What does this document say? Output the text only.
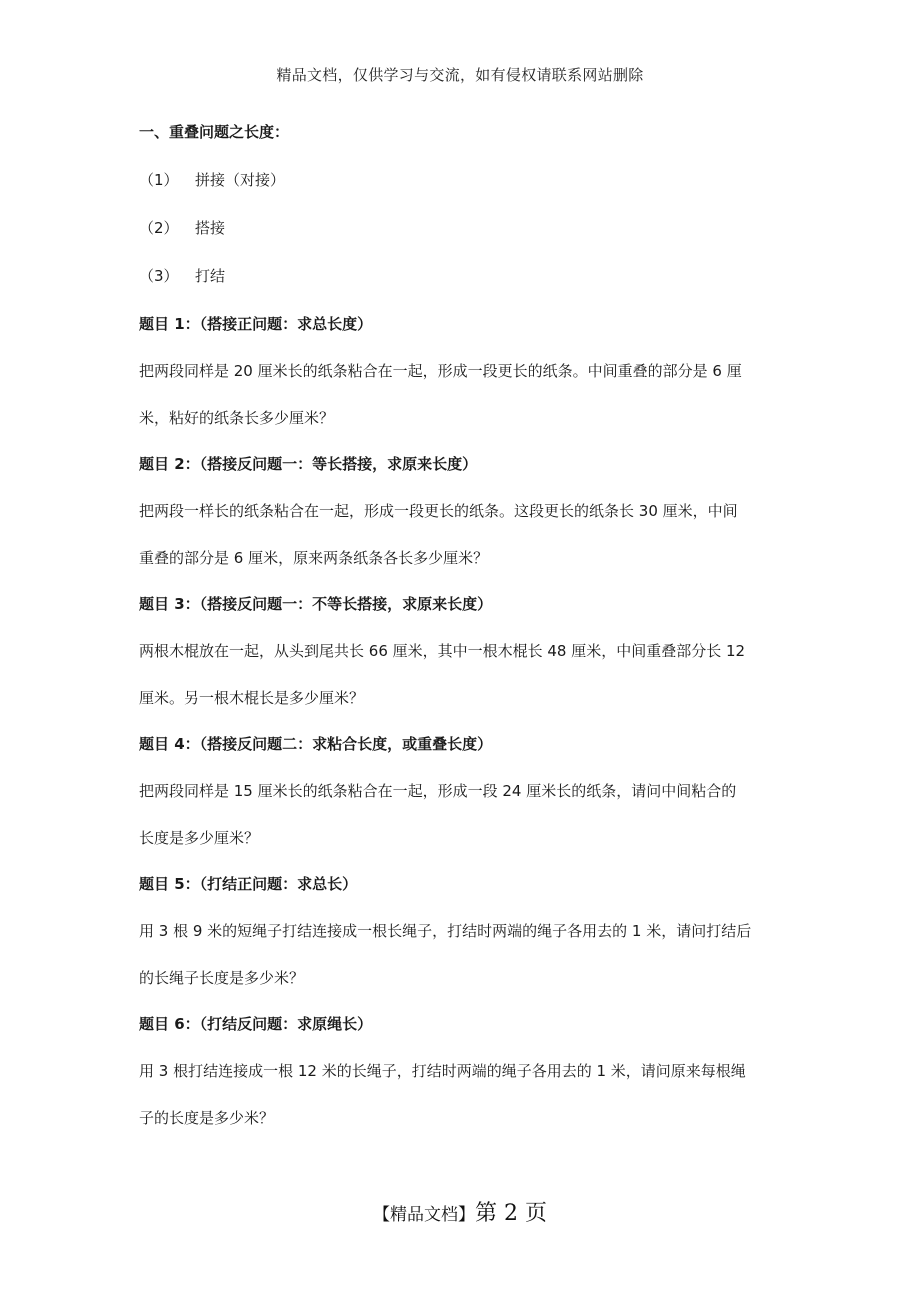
精品文档，仅供学习与交流，如有侵权请联系网站删除

一、重叠问题之长度：

（1） 拼接（对接）

（2） 搭接

（3） 打结

题目 1：（搭接正问题：求总长度）

把两段同样是 20 厘米长的纸条粘合在一起，形成一段更长的纸条。中间重叠的部分是 6 厘

米，粘好的纸条长多少厘米？

题目 2：（搭接反问题一：等长搭接，求原来长度）

把两段一样长的纸条粘合在一起，形成一段更长的纸条。这段更长的纸条长 30 厘米，中间

重叠的部分是 6 厘米，原来两条纸条各长多少厘米？

题目 3：（搭接反问题一：不等长搭接，求原来长度）

两根木棍放在一起，从头到尾共长 66 厘米，其中一根木棍长 48 厘米，中间重叠部分长 12

厘米。另一根木棍长是多少厘米？

题目 4：（搭接反问题二：求粘合长度，或重叠长度）

把两段同样是 15 厘米长的纸条粘合在一起，形成一段 24 厘米长的纸条，请问中间粘合的

长度是多少厘米？

题目 5：（打结正问题：求总长）

用 3 根 9 米的短绳子打结连接成一根长绳子，打结时两端的绳子各用去的 1 米，请问打结后

的长绳子长度是多少米？

题目 6：（打结反问题：求原绳长）

用 3 根打结连接成一根 12 米的长绳子，打结时两端的绳子各用去的 1 米，请问原来每根绳

子的长度是多少米？

【精品文档】第 2 页
